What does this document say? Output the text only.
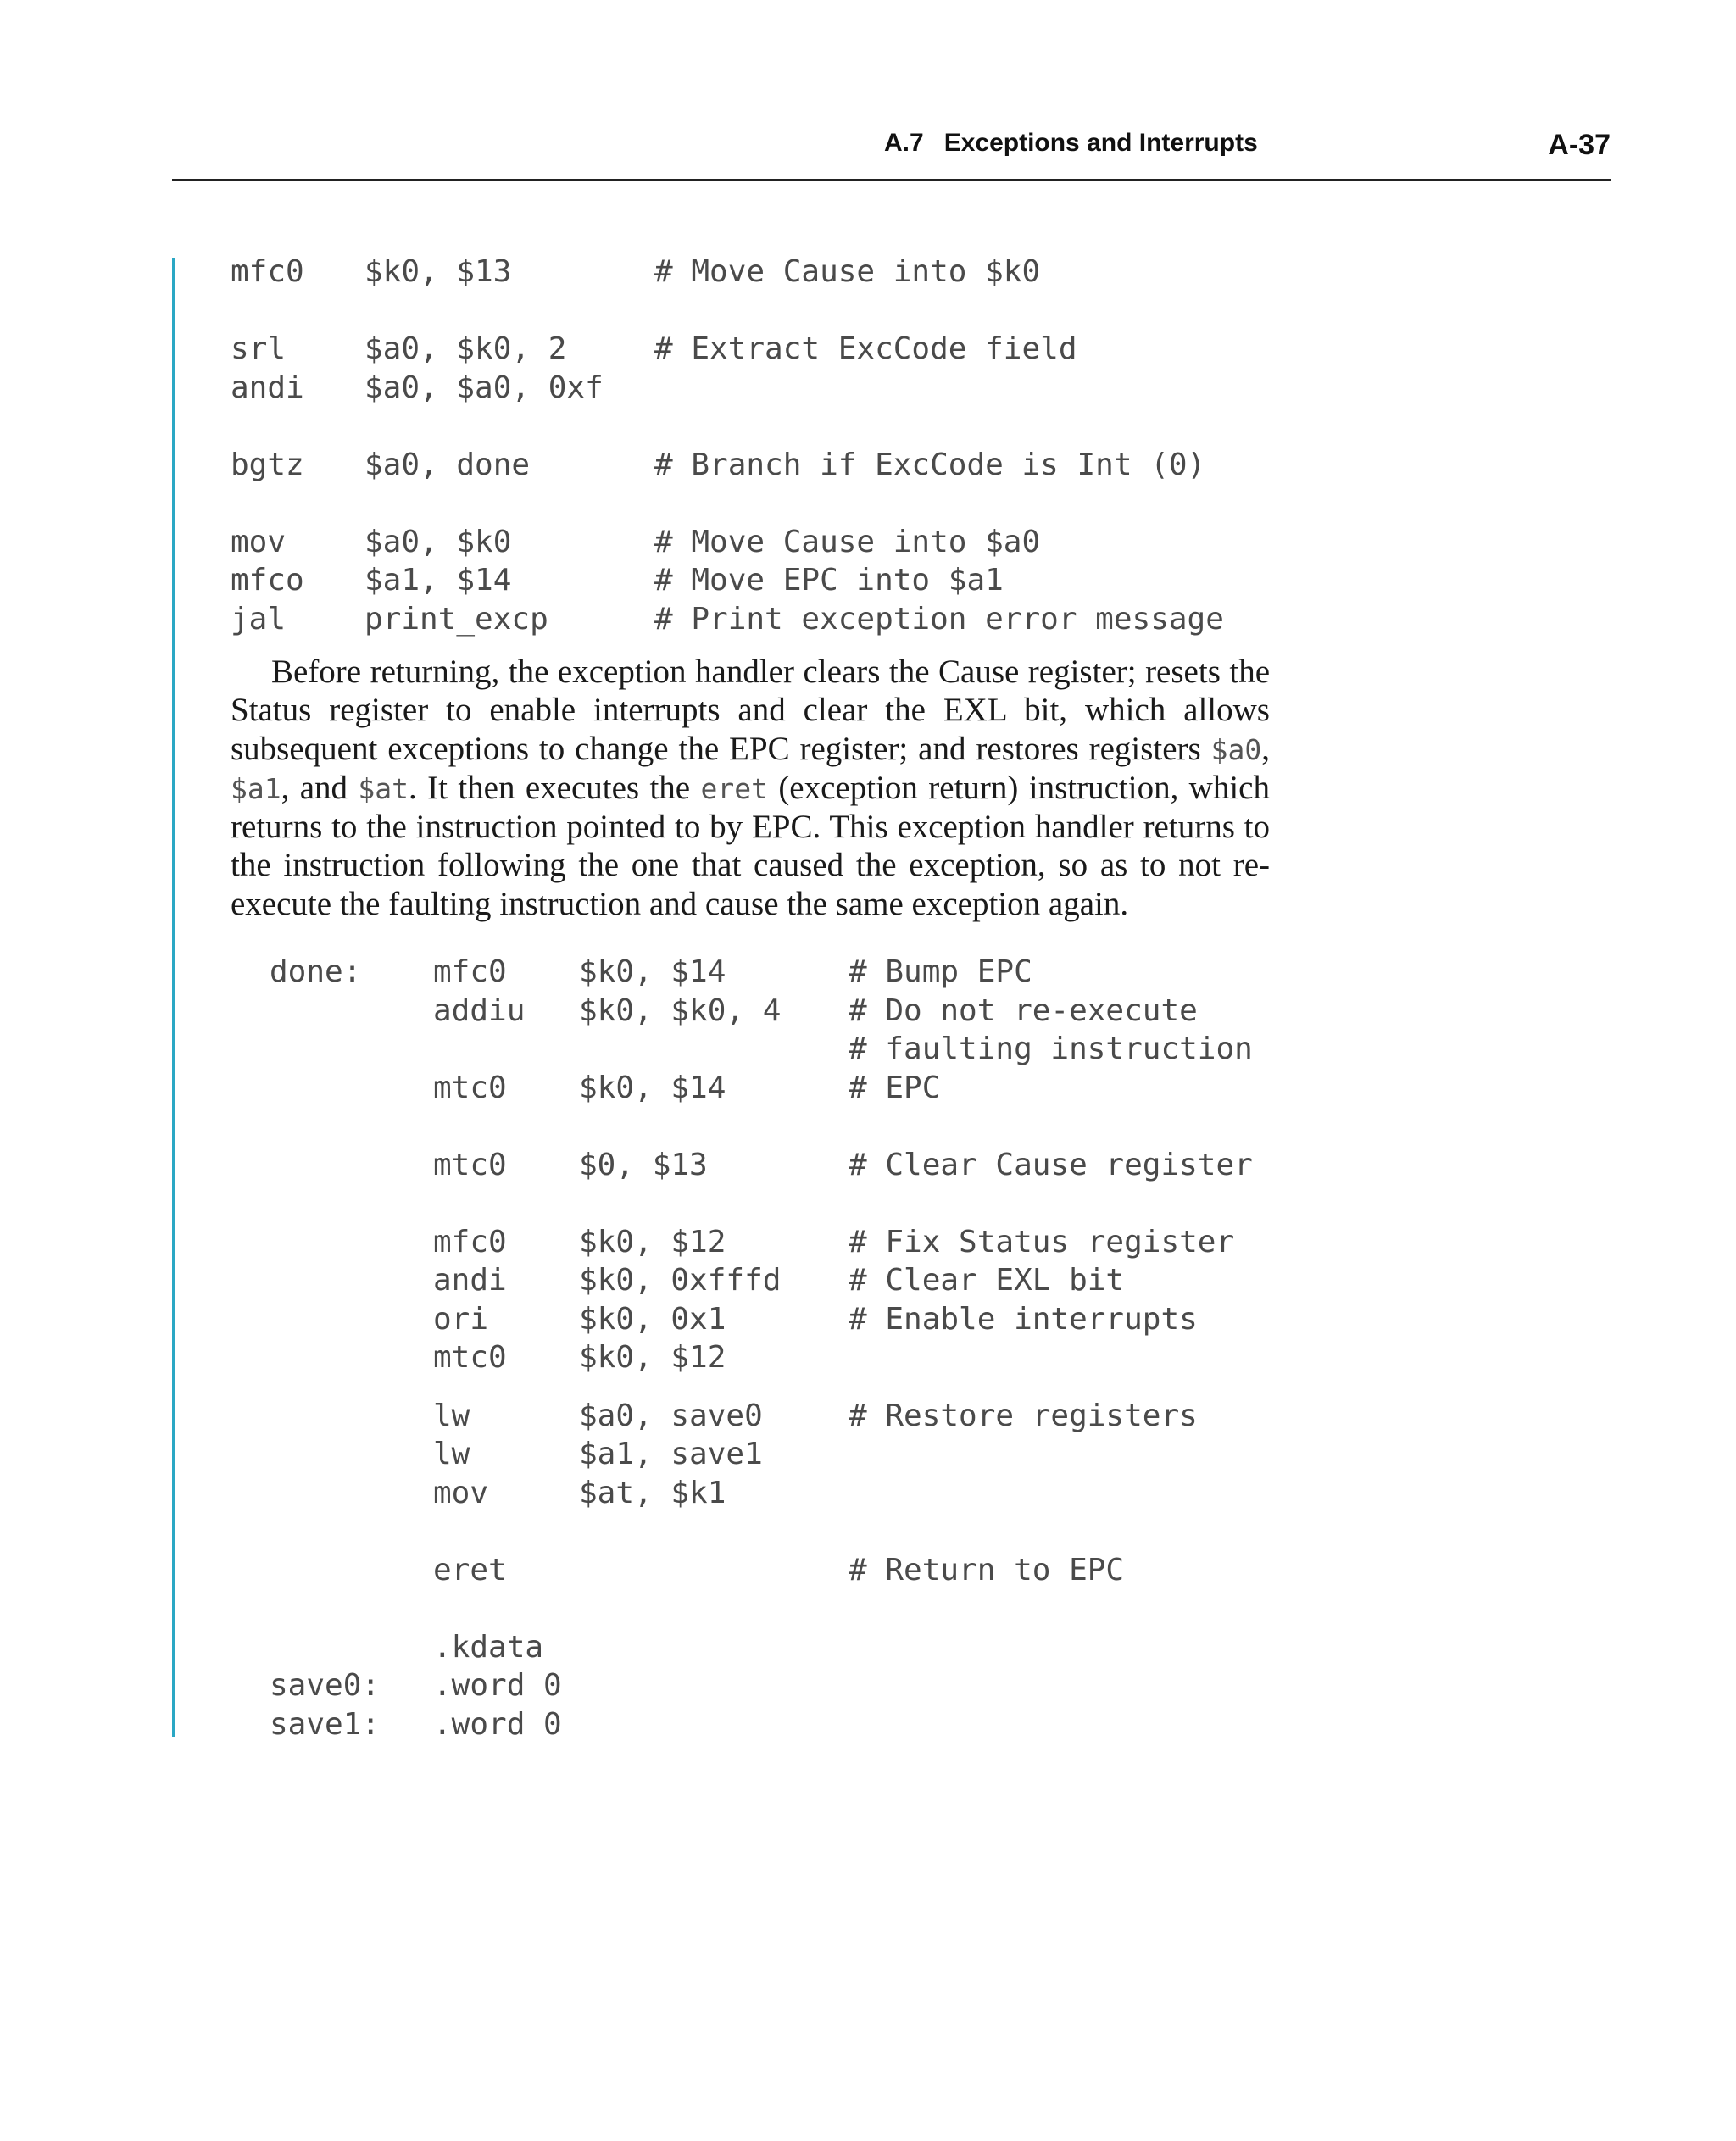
A.7 Exceptions and Interrupts	A-37
mfc0 $k0, $13	# Move Cause into $k0
srl	$a0, $k0, 2	# Extract ExcCode field
andi $a0, $a0, 0xf
bgtz $a0, done	# Branch if ExcCode is Int (0)
mov	$a0, $k0	# Move Cause into $a0
mfco $a1, $14	# Move EPC into $a1
jal	print_excp	# Print exception error message
Before returning, the exception handler clears the Cause register; resets the Status register to enable interrupts and clear the EXL bit, which allows subsequent exceptions to change the EPC register; and restores registers $a0, $a1, and $at. It then executes the eret (exception return) instruction, which returns to the instruction pointed to by EPC. This exception handler returns to the instruction following the one that caused the exception, so as to not re-execute the faulting instruction and cause the same exception again.
done: mfc0 $k0, $14	# Bump EPC
addiu $k0, $k0, 4 # Do not re-execute
# faulting instruction
mtc0 $k0, $14	# EPC
mtc0 $0, $13	# Clear Cause register
mfc0 $k0, $12	# Fix Status register
andi $k0, 0xfffd # Clear EXL bit
ori	$k0, 0x1	# Enable interrupts
mtc0 $k0, $12
lw	$a0, save0	# Restore registers
lw	$a1, save1
mov	$at, $k1
eret	# Return to EPC
.kdata
save0: .word 0
save1: .word 0
